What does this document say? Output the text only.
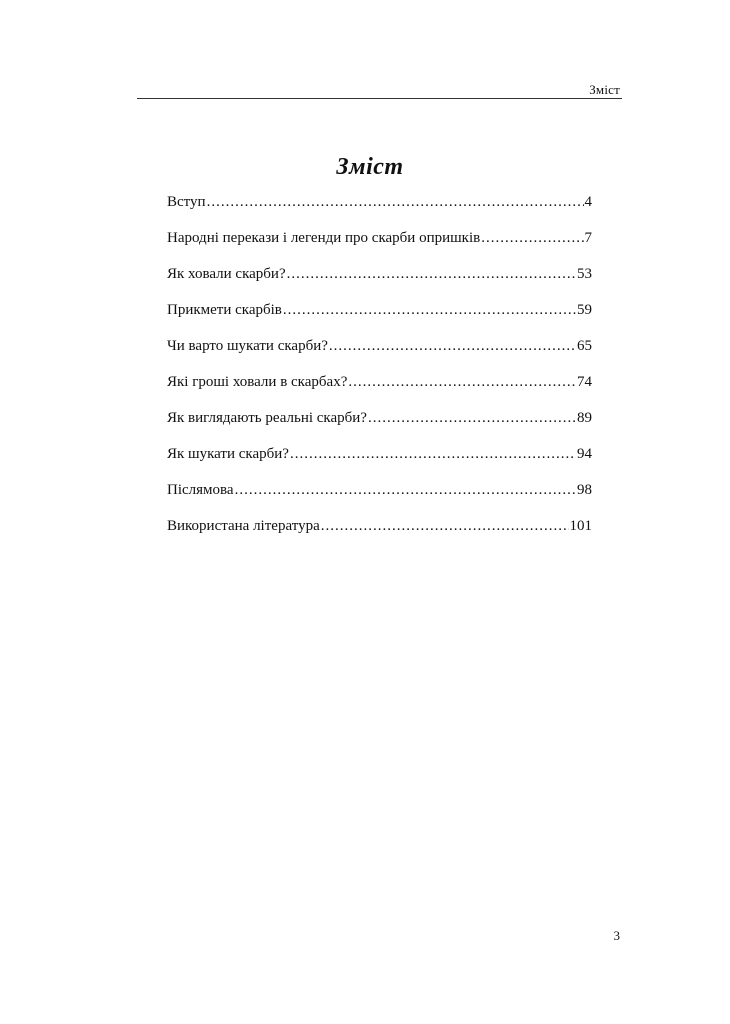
Зміст
Зміст
Вступ .....	4
Народні перекази і легенди про скарби опришків .....	7
Як ховали скарби? .....	53
Прикмети скарбів .....	59
Чи варто шукати скарби? .....	65
Які гроші ховали в скарбах? .....	74
Як виглядають реальні скарби? .....	89
Як шукати скарби? .....	94
Післямова .....	98
Використана література .....	101
3
